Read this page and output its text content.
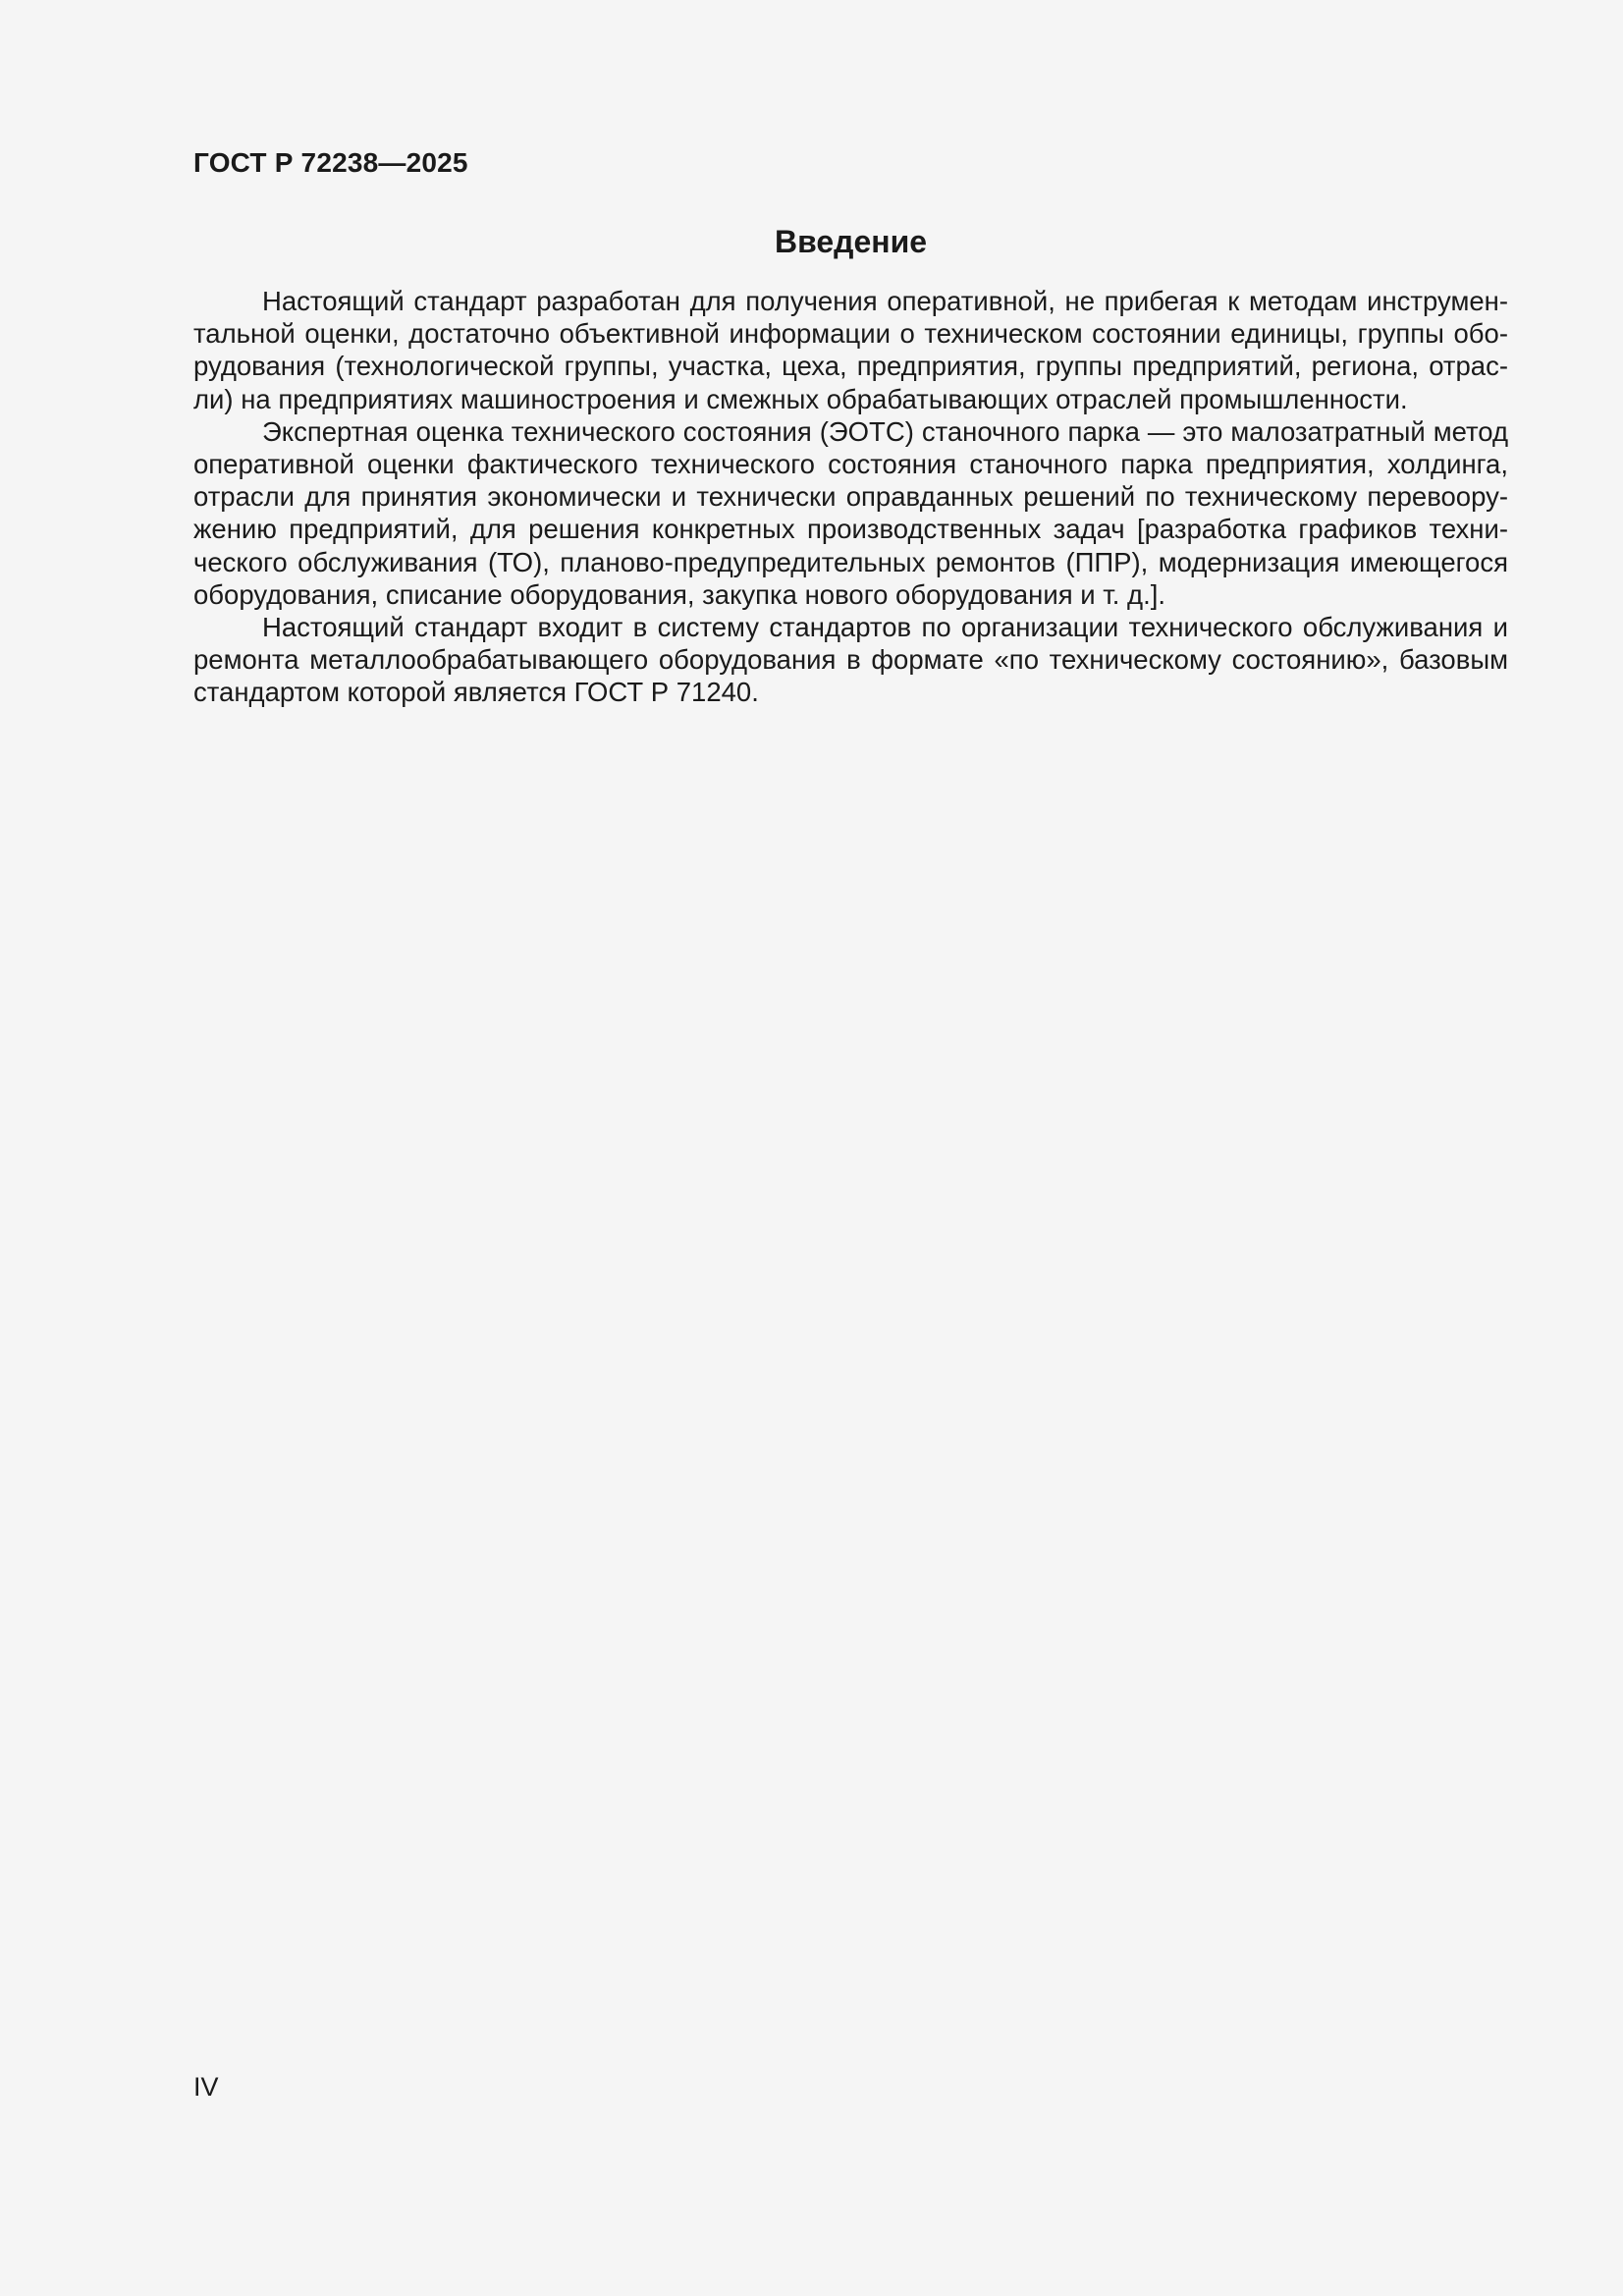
ГОСТ Р 72238—2025
Введение

Настоящий стандарт разработан для получения оперативной, не прибегая к методам инструментальной оценки, достаточно объективной информации о техническом состоянии единицы, группы оборудования (технологической группы, участка, цеха, предприятия, группы предприятий, региона, отрасли) на предприятиях машиностроения и смежных обрабатывающих отраслей промышленности.

Экспертная оценка технического состояния (ЭОТС) станочного парка — это малозатратный метод оперативной оценки фактического технического состояния станочного парка предприятия, холдинга, отрасли для принятия экономически и технически оправданных решений по техническому перевооружению предприятий, для решения конкретных производственных задач [разработка графиков технического обслуживания (ТО), планово-предупредительных ремонтов (ППР), модернизация имеющегося оборудования, списание оборудования, закупка нового оборудования и т. д.].

Настоящий стандарт входит в систему стандартов по организации технического обслуживания и ремонта металлообрабатывающего оборудования в формате «по техническому состоянию», базовым стандартом которой является ГОСТ Р 71240.

IV
